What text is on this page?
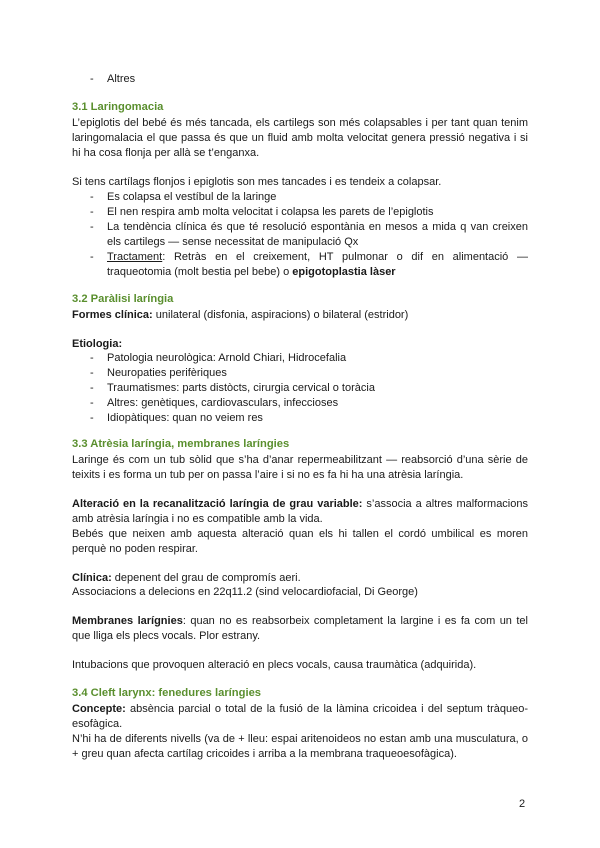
- Altres

3.1 Laringomacia

L’epiglotis del bebé és més tancada, els cartilegs son més colapsables i per tant quan tenim laringomalacia el que passa és que un fluid amb molta velocitat genera pressió negativa i si hi ha cosa flonja per allà se t’enganxa.

Si tens cartílags flonjos i epiglotis son mes tancades i es tendeix a colapsar.

- Es colapsa el vestíbul de la laringe
- El nen respira amb molta velocitat i colapsa les parets de l’epiglotis
- La tendència clínica és que té resolució espontània en mesos a mida q van creixen els cartilegs — sense necessitat de manipulació Qx
- Tractament: Retràs en el creixement, HT pulmonar o dif en alimentació — traqueotomia (molt bestia pel bebe) o epigotoplastia làser

3.2 Paràlisi laríngia

Formes clínica: unilateral (disfonia, aspiracions) o bilateral (estridor)

Etiologia:

- Patologia neurològica: Arnold Chiari, Hidrocefalia
- Neuropaties perifèriques
- Traumatismes: parts distòcts, cirurgia cervical o toràcia
- Altres: genètiques, cardiovasculars, infeccioses
- Idiopàtiques: quan no veiem res

3.3 Atrèsia laríngia, membranes laríngies

Laringe és com un tub sòlid que s’ha d’anar repermeabilitzant — reabsorció d’una sèrie de teixits i es forma un tub per on passa l’aire i si no es fa hi ha una atrèsia laríngia.

Alteració en la recanalització laríngia de grau variable: s’associa a altres malformacions amb atrèsia laríngia i no es compatible amb la vida.

Bebés que neixen amb aquesta alteració quan els hi tallen el cordó umbilical es moren perquè no poden respirar.

Clínica: depenent del grau de compromís aeri.

Associacions a delecions en 22q11.2 (sind velocardiofacial, Di George)

Membranes larígnies: quan no es reabsorbeix completament la largine i es fa com un tel que lliga els plecs vocals. Plor estrany.

Intubacions que provoquen alteració en plecs vocals, causa traumàtica (adquirida).

3.4 Cleft larynx: fenedures laríngies

Concepte: absència parcial o total de la fusió de la làmina cricoidea i del septum tràqueo-esofàgica.

N’hi ha de diferents nivells (va de + lleu: espai aritenoideos no estan amb una musculatura, o + greu quan afecta cartílag cricoides i arriba a la membrana traqueoesofàgica).

2
